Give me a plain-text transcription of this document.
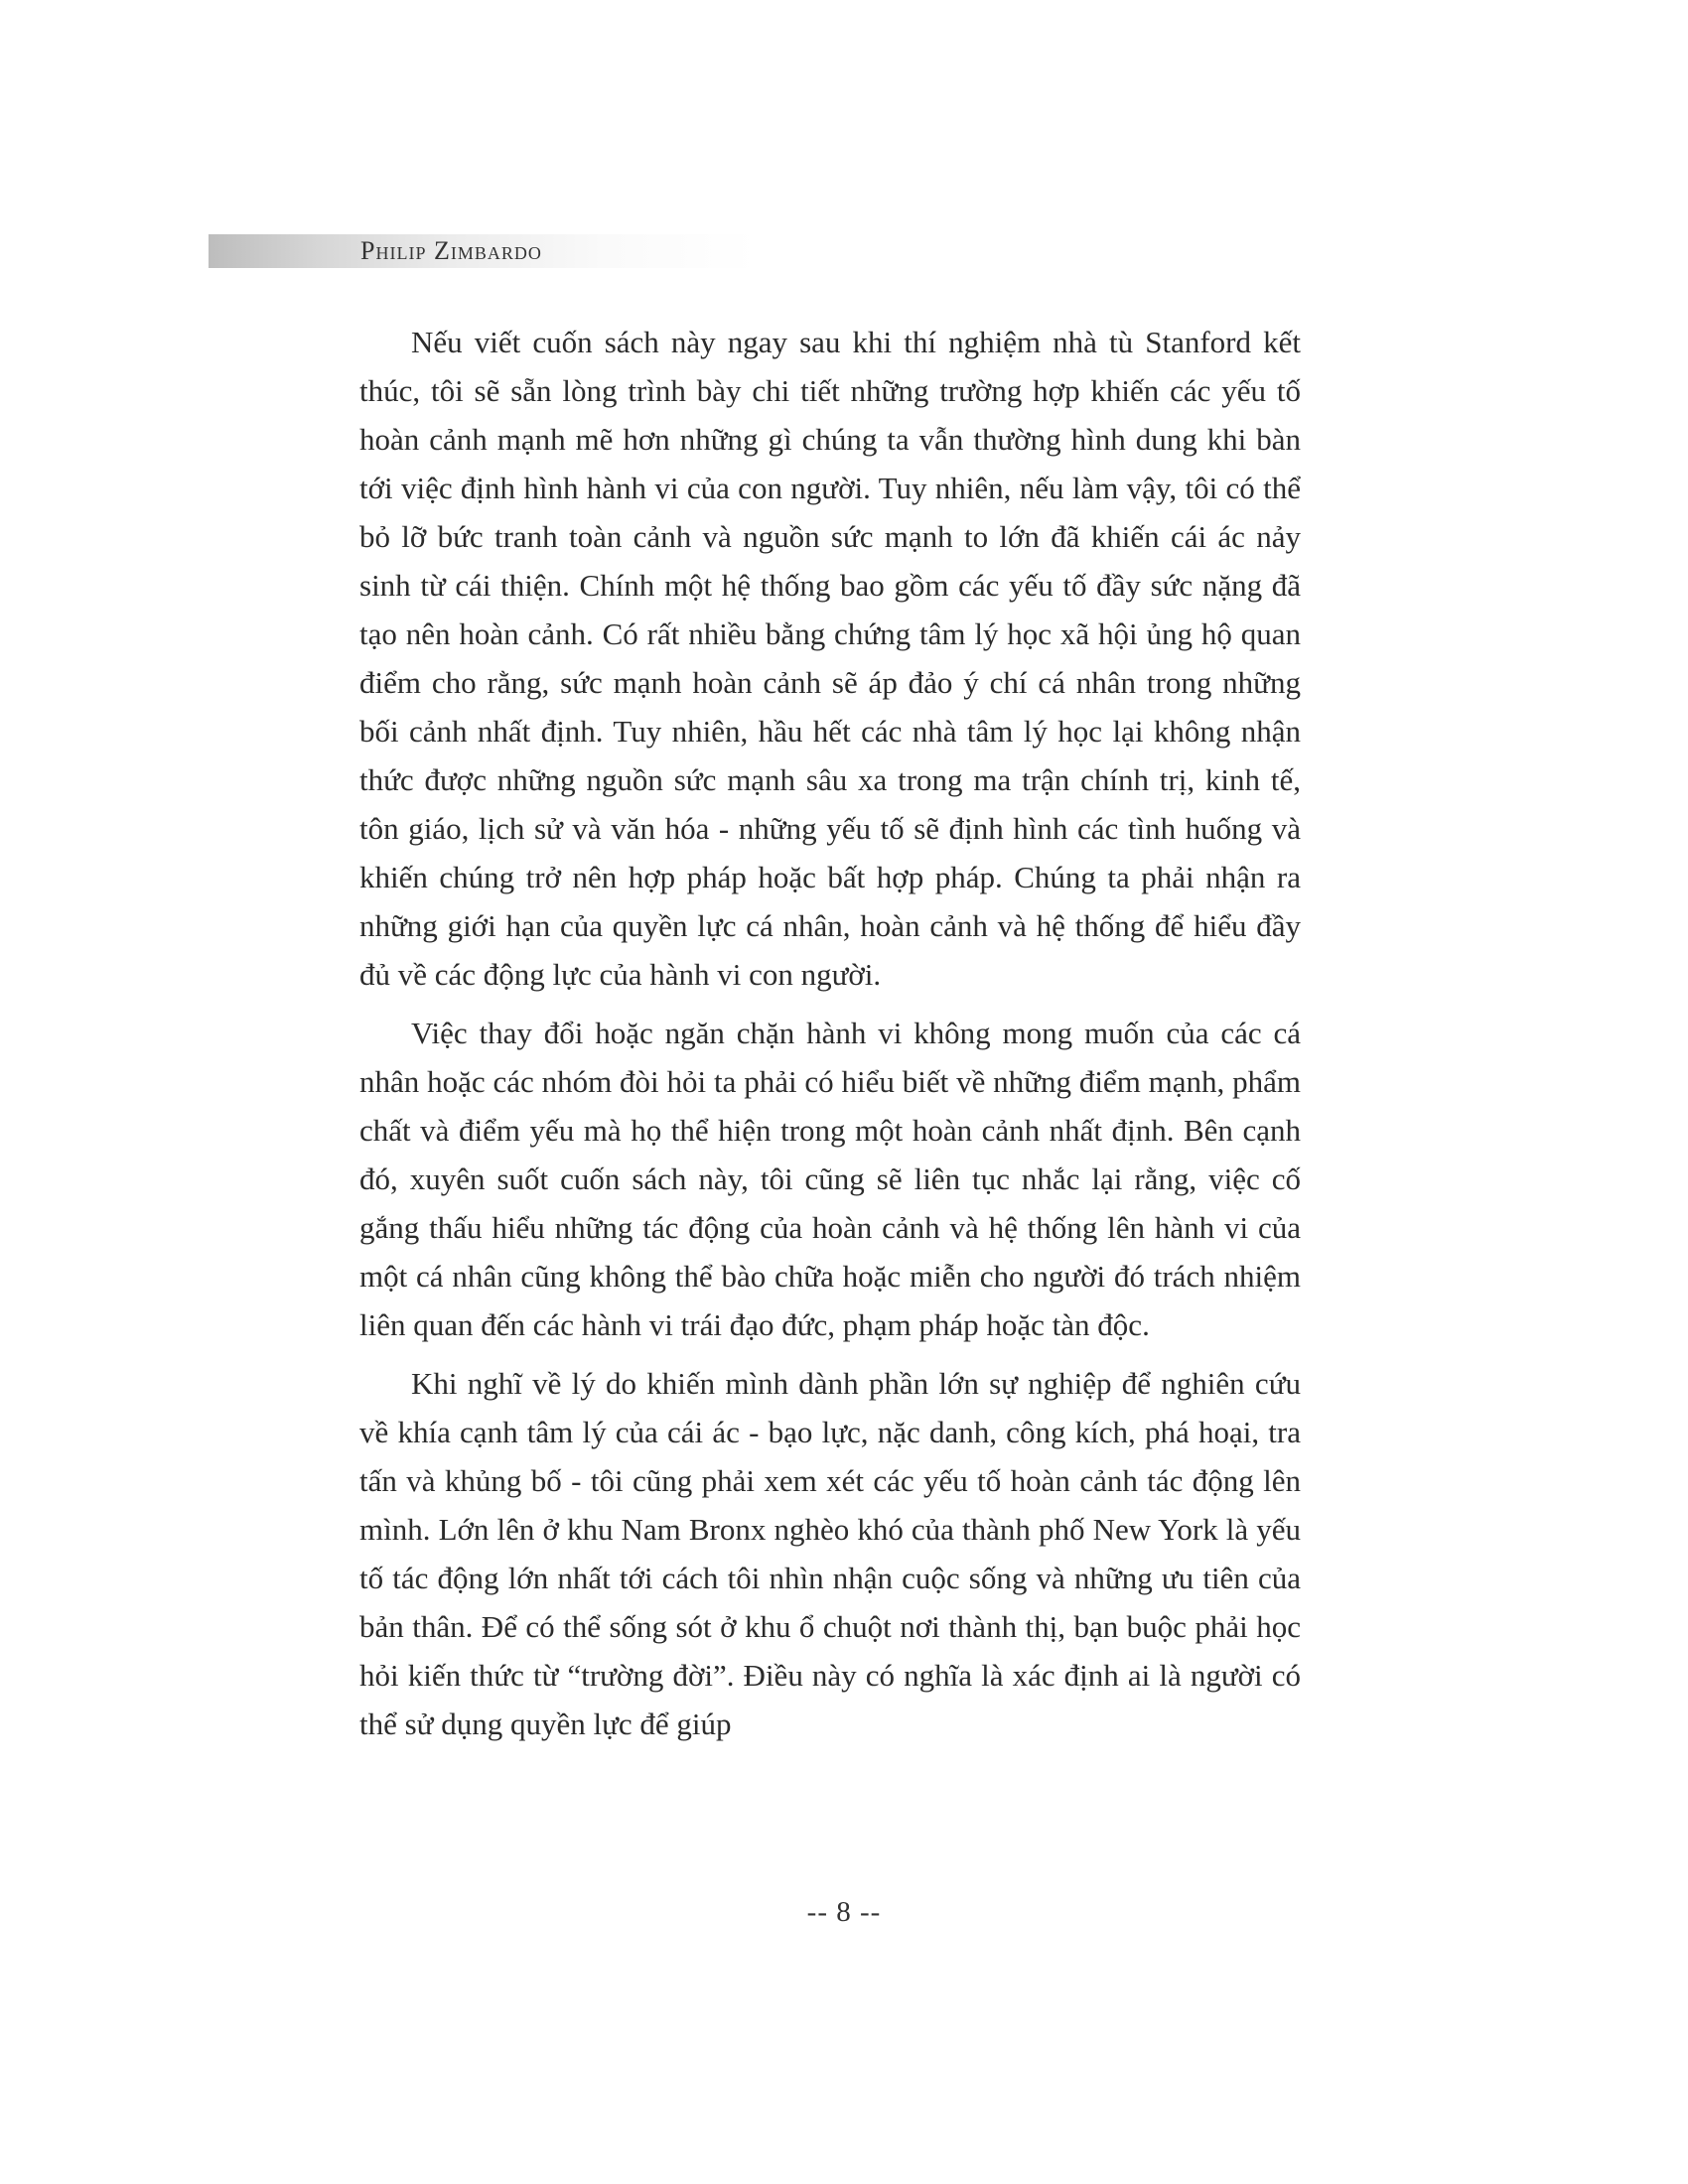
Philip Zimbardo

Nếu viết cuốn sách này ngay sau khi thí nghiệm nhà tù Stanford kết thúc, tôi sẽ sẵn lòng trình bày chi tiết những trường hợp khiến các yếu tố hoàn cảnh mạnh mẽ hơn những gì chúng ta vẫn thường hình dung khi bàn tới việc định hình hành vi của con người. Tuy nhiên, nếu làm vậy, tôi có thể bỏ lỡ bức tranh toàn cảnh và nguồn sức mạnh to lớn đã khiến cái ác nảy sinh từ cái thiện. Chính một hệ thống bao gồm các yếu tố đầy sức nặng đã tạo nên hoàn cảnh. Có rất nhiều bằng chứng tâm lý học xã hội ủng hộ quan điểm cho rằng, sức mạnh hoàn cảnh sẽ áp đảo ý chí cá nhân trong những bối cảnh nhất định. Tuy nhiên, hầu hết các nhà tâm lý học lại không nhận thức được những nguồn sức mạnh sâu xa trong ma trận chính trị, kinh tế, tôn giáo, lịch sử và văn hóa - những yếu tố sẽ định hình các tình huống và khiến chúng trở nên hợp pháp hoặc bất hợp pháp. Chúng ta phải nhận ra những giới hạn của quyền lực cá nhân, hoàn cảnh và hệ thống để hiểu đầy đủ về các động lực của hành vi con người.

Việc thay đổi hoặc ngăn chặn hành vi không mong muốn của các cá nhân hoặc các nhóm đòi hỏi ta phải có hiểu biết về những điểm mạnh, phẩm chất và điểm yếu mà họ thể hiện trong một hoàn cảnh nhất định. Bên cạnh đó, xuyên suốt cuốn sách này, tôi cũng sẽ liên tục nhắc lại rằng, việc cố gắng thấu hiểu những tác động của hoàn cảnh và hệ thống lên hành vi của một cá nhân cũng không thể bào chữa hoặc miễn cho người đó trách nhiệm liên quan đến các hành vi trái đạo đức, phạm pháp hoặc tàn độc.

Khi nghĩ về lý do khiến mình dành phần lớn sự nghiệp để nghiên cứu về khía cạnh tâm lý của cái ác - bạo lực, nặc danh, công kích, phá hoại, tra tấn và khủng bố - tôi cũng phải xem xét các yếu tố hoàn cảnh tác động lên mình. Lớn lên ở khu Nam Bronx nghèo khó của thành phố New York là yếu tố tác động lớn nhất tới cách tôi nhìn nhận cuộc sống và những ưu tiên của bản thân. Để có thể sống sót ở khu ổ chuột nơi thành thị, bạn buộc phải học hỏi kiến thức từ “trường đời”. Điều này có nghĩa là xác định ai là người có thể sử dụng quyền lực để giúp

-- 8 --
